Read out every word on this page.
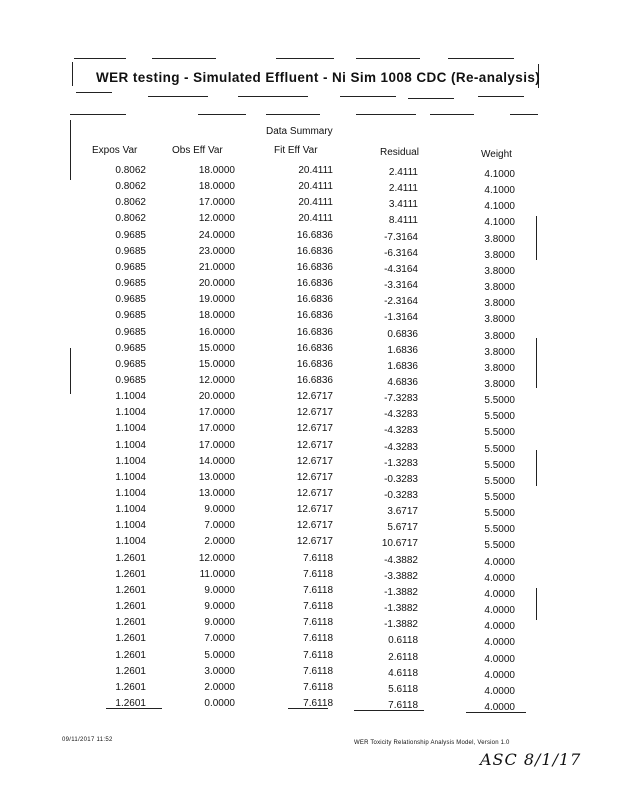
WER testing - Simulated Effluent - Ni Sim 1008 CDC (Re-analysis)
Data Summary
Expos Var	Obs Eff Var	Fit Eff Var	Residual	Weight
0.8062	18.0000	20.4111	2.4111	4.1000
0.8062	18.0000	20.4111	2.4111	4.1000
0.8062	17.0000	20.4111	3.4111	4.1000
0.8062	12.0000	20.4111	8.4111	4.1000
0.9685	24.0000	16.6836	-7.3164	3.8000
0.9685	23.0000	16.6836	-6.3164	3.8000
0.9685	21.0000	16.6836	-4.3164	3.8000
0.9685	20.0000	16.6836	-3.3164	3.8000
0.9685	19.0000	16.6836	-2.3164	3.8000
0.9685	18.0000	16.6836	-1.3164	3.8000
0.9685	16.0000	16.6836	0.6836	3.8000
0.9685	15.0000	16.6836	1.6836	3.8000
0.9685	15.0000	16.6836	1.6836	3.8000
0.9685	12.0000	16.6836	4.6836	3.8000
1.1004	20.0000	12.6717	-7.3283	5.5000
1.1004	17.0000	12.6717	-4.3283	5.5000
1.1004	17.0000	12.6717	-4.3283	5.5000
1.1004	17.0000	12.6717	-4.3283	5.5000
1.1004	14.0000	12.6717	-1.3283	5.5000
1.1004	13.0000	12.6717	-0.3283	5.5000
1.1004	13.0000	12.6717	-0.3283	5.5000
1.1004	9.0000	12.6717	3.6717	5.5000
1.1004	7.0000	12.6717	5.6717	5.5000
1.1004	2.0000	12.6717	10.6717	5.5000
1.2601	12.0000	7.6118	-4.3882	4.0000
1.2601	11.0000	7.6118	-3.3882	4.0000
1.2601	9.0000	7.6118	-1.3882	4.0000
1.2601	9.0000	7.6118	-1.3882	4.0000
1.2601	9.0000	7.6118	-1.3882	4.0000
1.2601	7.0000	7.6118	0.6118	4.0000
1.2601	5.0000	7.6118	2.6118	4.0000
1.2601	3.0000	7.6118	4.6118	4.0000
1.2601	2.0000	7.6118	5.6118	4.0000
1.2601	0.0000	7.6118	7.6118	4.0000
09/11/2017 11:52	WER Toxicity Relationship Analysis Model, Version 1.0
ASC 8/1/17
